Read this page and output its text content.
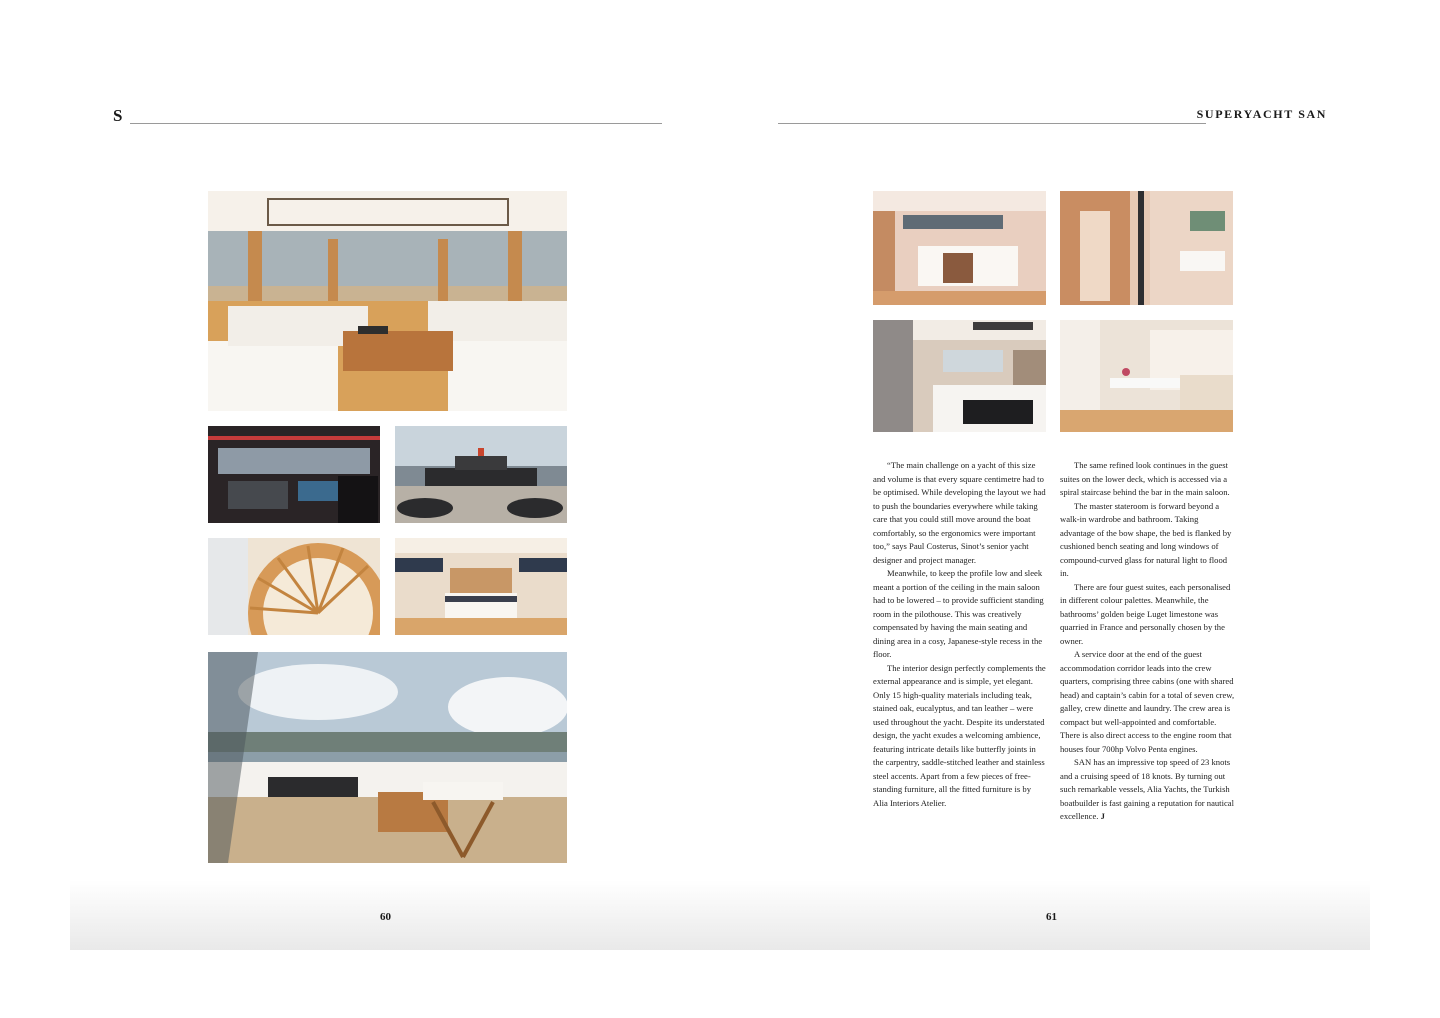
S	SUPERYACHT SAN

“The main challenge on a yacht of this size and volume is that every square centimetre had to be optimised. While developing the layout we had to push the boundaries everywhere while taking care that you could still move around the boat comfortably, so the ergonomics were important too,” says Paul Costerus, Sinot’s senior yacht designer and project manager.

Meanwhile, to keep the profile low and sleek meant a portion of the ceiling in the main saloon had to be lowered – to provide sufficient standing room in the pilothouse. This was creatively compensated by having the main seating and dining area in a cosy, Japanese-style recess in the floor.

The interior design perfectly complements the external appearance and is simple, yet elegant. Only 15 high-quality materials including teak, stained oak, eucalyptus, and tan leather – were used throughout the yacht. Despite its understated design, the yacht exudes a welcoming ambience, featuring intricate details like butterfly joints in the carpentry, saddle-stitched leather and stainless steel accents. Apart from a few pieces of free-standing furniture, all the fitted furniture is by Alia Interiors Atelier.

The same refined look continues in the guest suites on the lower deck, which is accessed via a spiral staircase behind the bar in the main saloon.

The master stateroom is forward beyond a walk-in wardrobe and bathroom. Taking advantage of the bow shape, the bed is flanked by cushioned bench seating and long windows of compound-curved glass for natural light to flood in.

There are four guest suites, each personalised in different colour palettes. Meanwhile, the bathrooms’ golden beige Luget limestone was quarried in France and personally chosen by the owner.

A service door at the end of the guest accommodation corridor leads into the crew quarters, comprising three cabins (one with shared head) and captain’s cabin for a total of seven crew, galley, crew dinette and laundry. The crew area is compact but well-appointed and comfortable. There is also direct access to the engine room that houses four 700hp Volvo Penta engines.

SAN has an impressive top speed of 23 knots and a cruising speed of 18 knots. By turning out such remarkable vessels, Alia Yachts, the Turkish boatbuilder is fast gaining a reputation for nautical excellence. J

60	61
